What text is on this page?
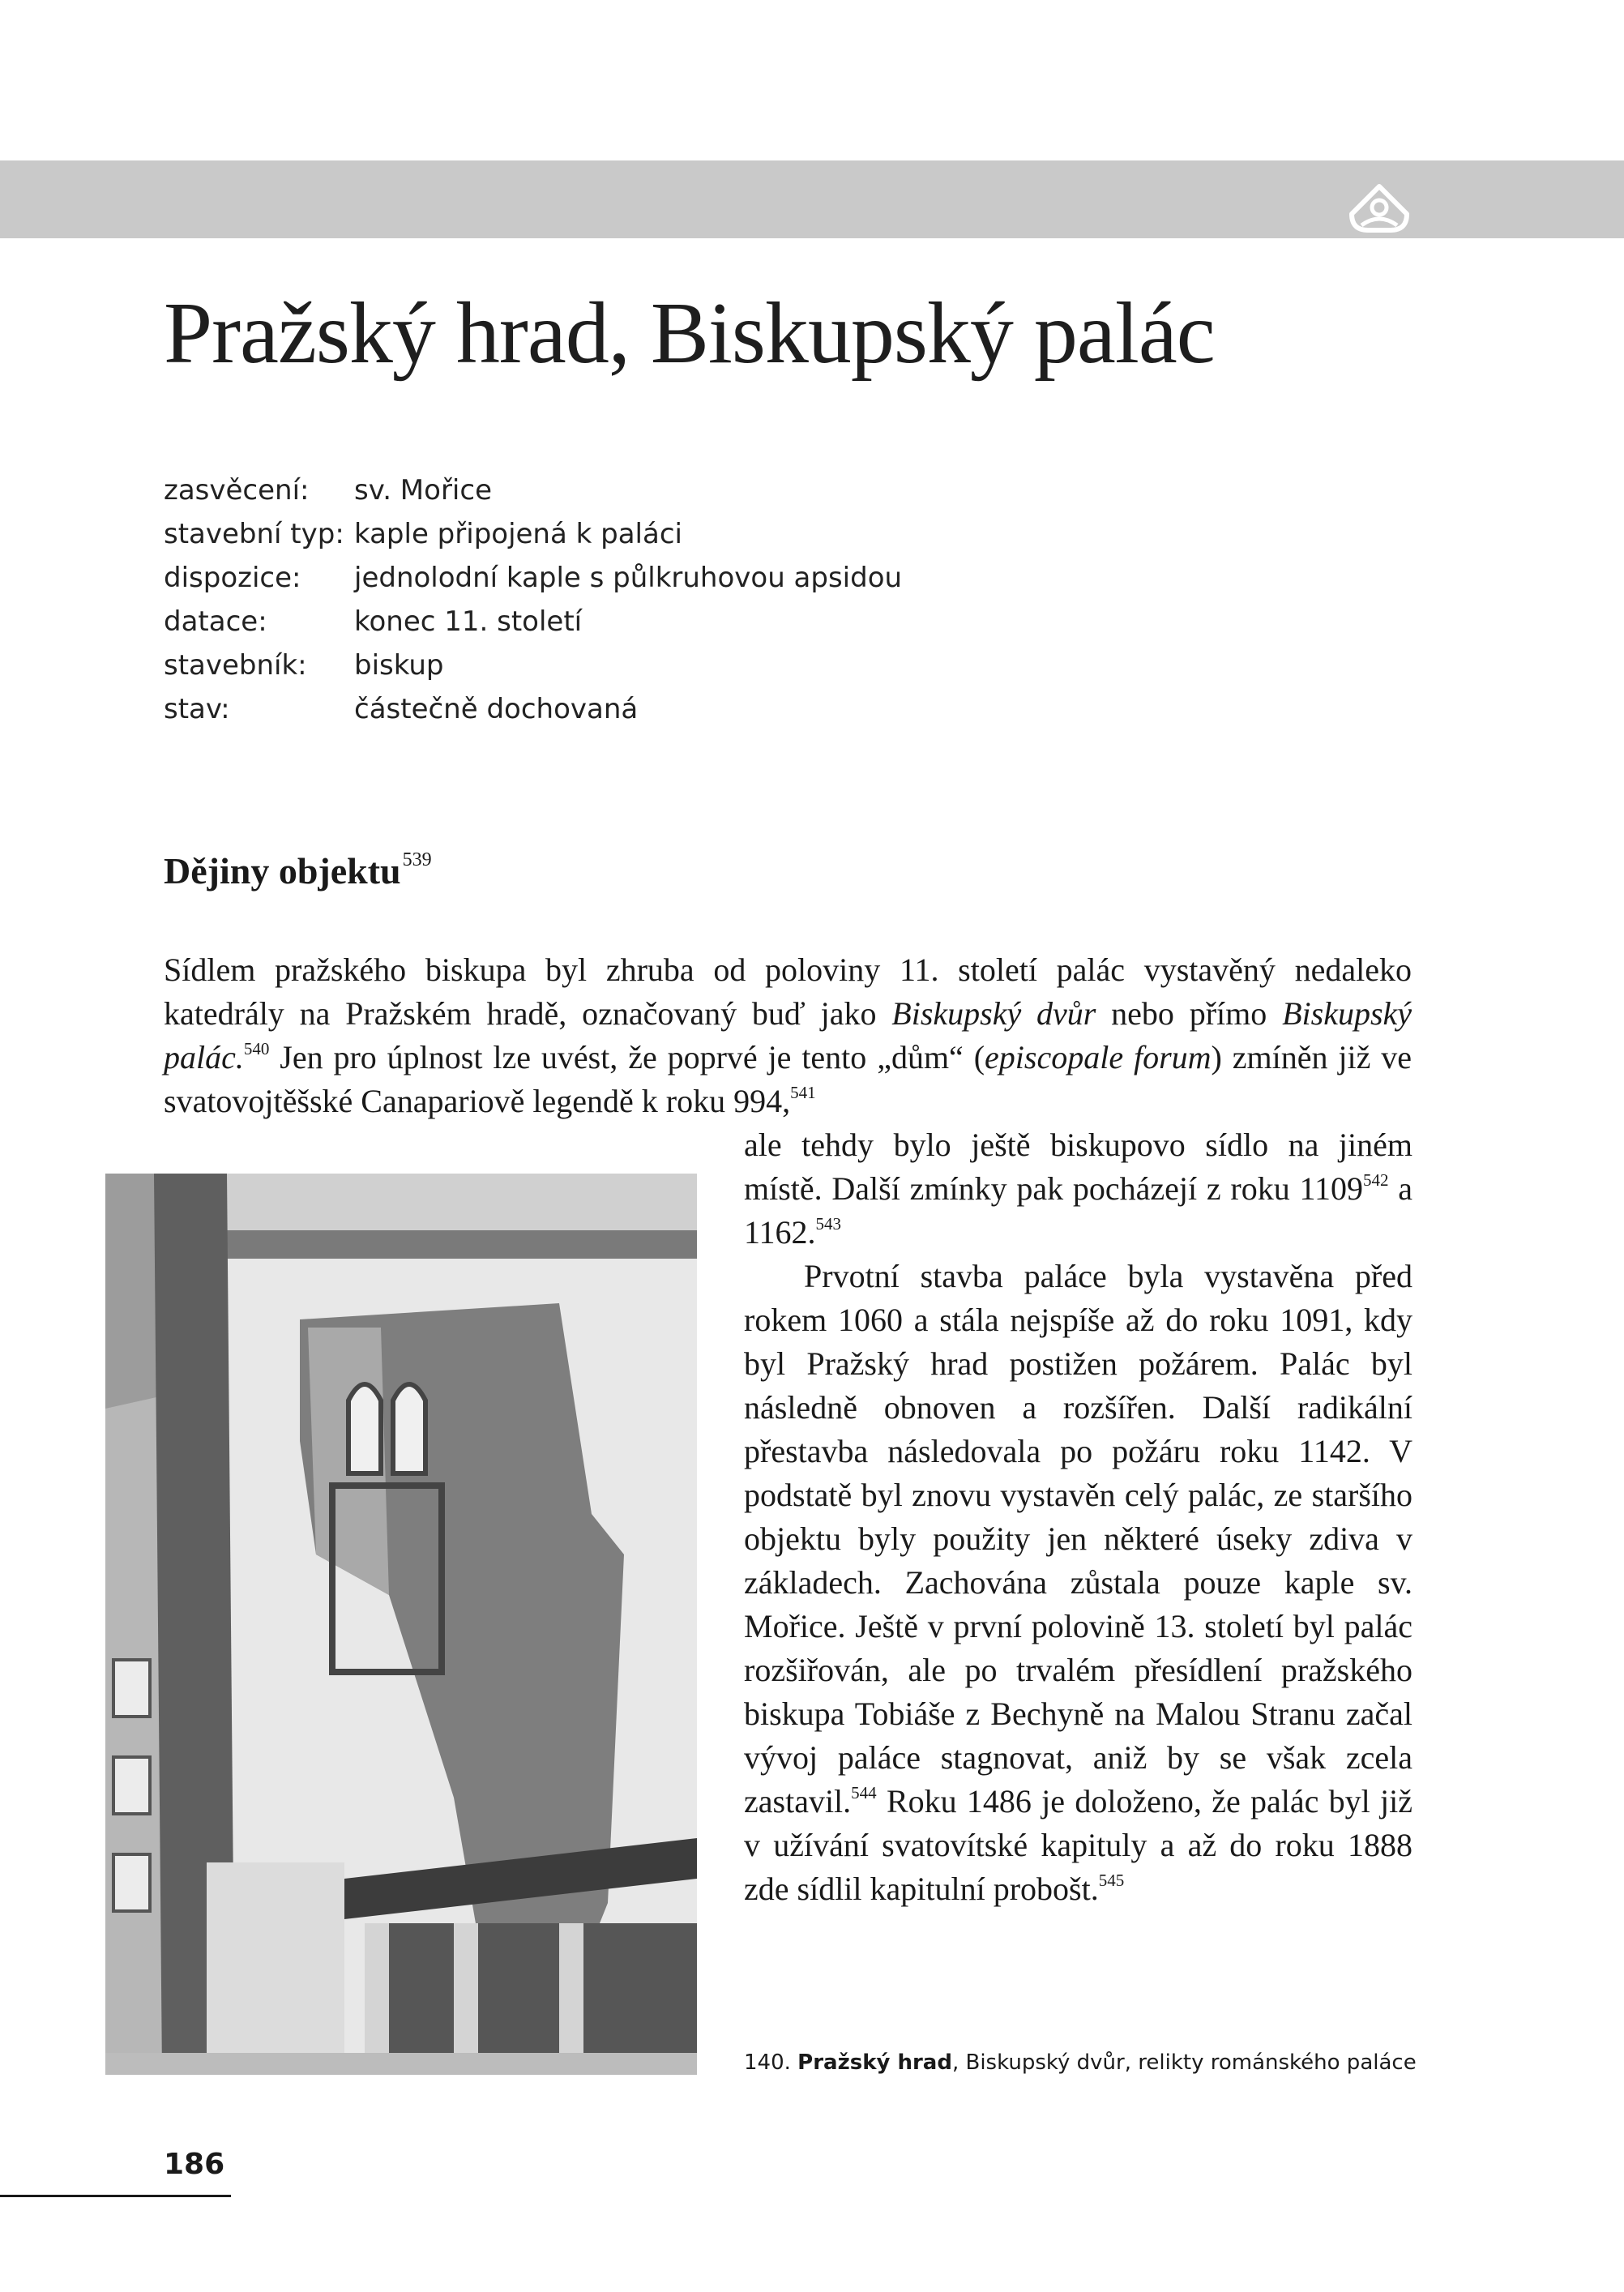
Pražský hrad, Biskupský palác
zasvěcení:	sv. Mořice
stavební typ: kaple připojená k paláci
dispozice:	jednolodní kaple s půlkruhovou apsidou
datace:	konec 11. století
stavebník:	biskup
stav:	částečně dochovaná
Dějiny objektu$^{539}$

Sídlem pražského biskupa byl zhruba od poloviny 11. století palác vystavěný nedaleko katedrály na Pražském hradě, označovaný buď jako Biskupský dvůr nebo přímo Biskupský palác.$^{540}$ Jen pro úplnost lze uvést, že poprvé je tento „dům“ (episcopale forum) zmíněn již ve svatovojtěšské Canapariově legendě k roku 994,$^{541}$

ale tehdy bylo ještě biskupovo sídlo na jiném místě. Další zmínky pak pocházejí z roku 1109$^{542}$ a 1162.$^{543}$

Prvotní stavba paláce byla vystavěna před rokem 1060 a stála nejspíše až do roku 1091, kdy byl Pražský hrad postižen požárem. Palác byl následně obnoven a rozšířen. Další radikální přestavba následovala po požáru roku 1142. V podstatě byl znovu vystavěn celý palác, ze staršího objektu byly použity jen některé úseky zdiva v základech. Zachována zůstala pouze kaple sv. Mořice. Ještě v první polovině 13. století byl palác rozšiřován, ale po trvalém přesídlení pražského biskupa Tobiáše z Bechyně na Malou Stranu začal vývoj paláce stagnovat, aniž by se však zcela zastavil.$^{544}$ Roku 1486 je doloženo, že palác byl již v užívání svatovítské kapituly a až do roku 1888 zde sídlil kapitulní probošt.$^{545}$

140. Pražský hrad, Biskupský dvůr, relikty románského paláce
186
